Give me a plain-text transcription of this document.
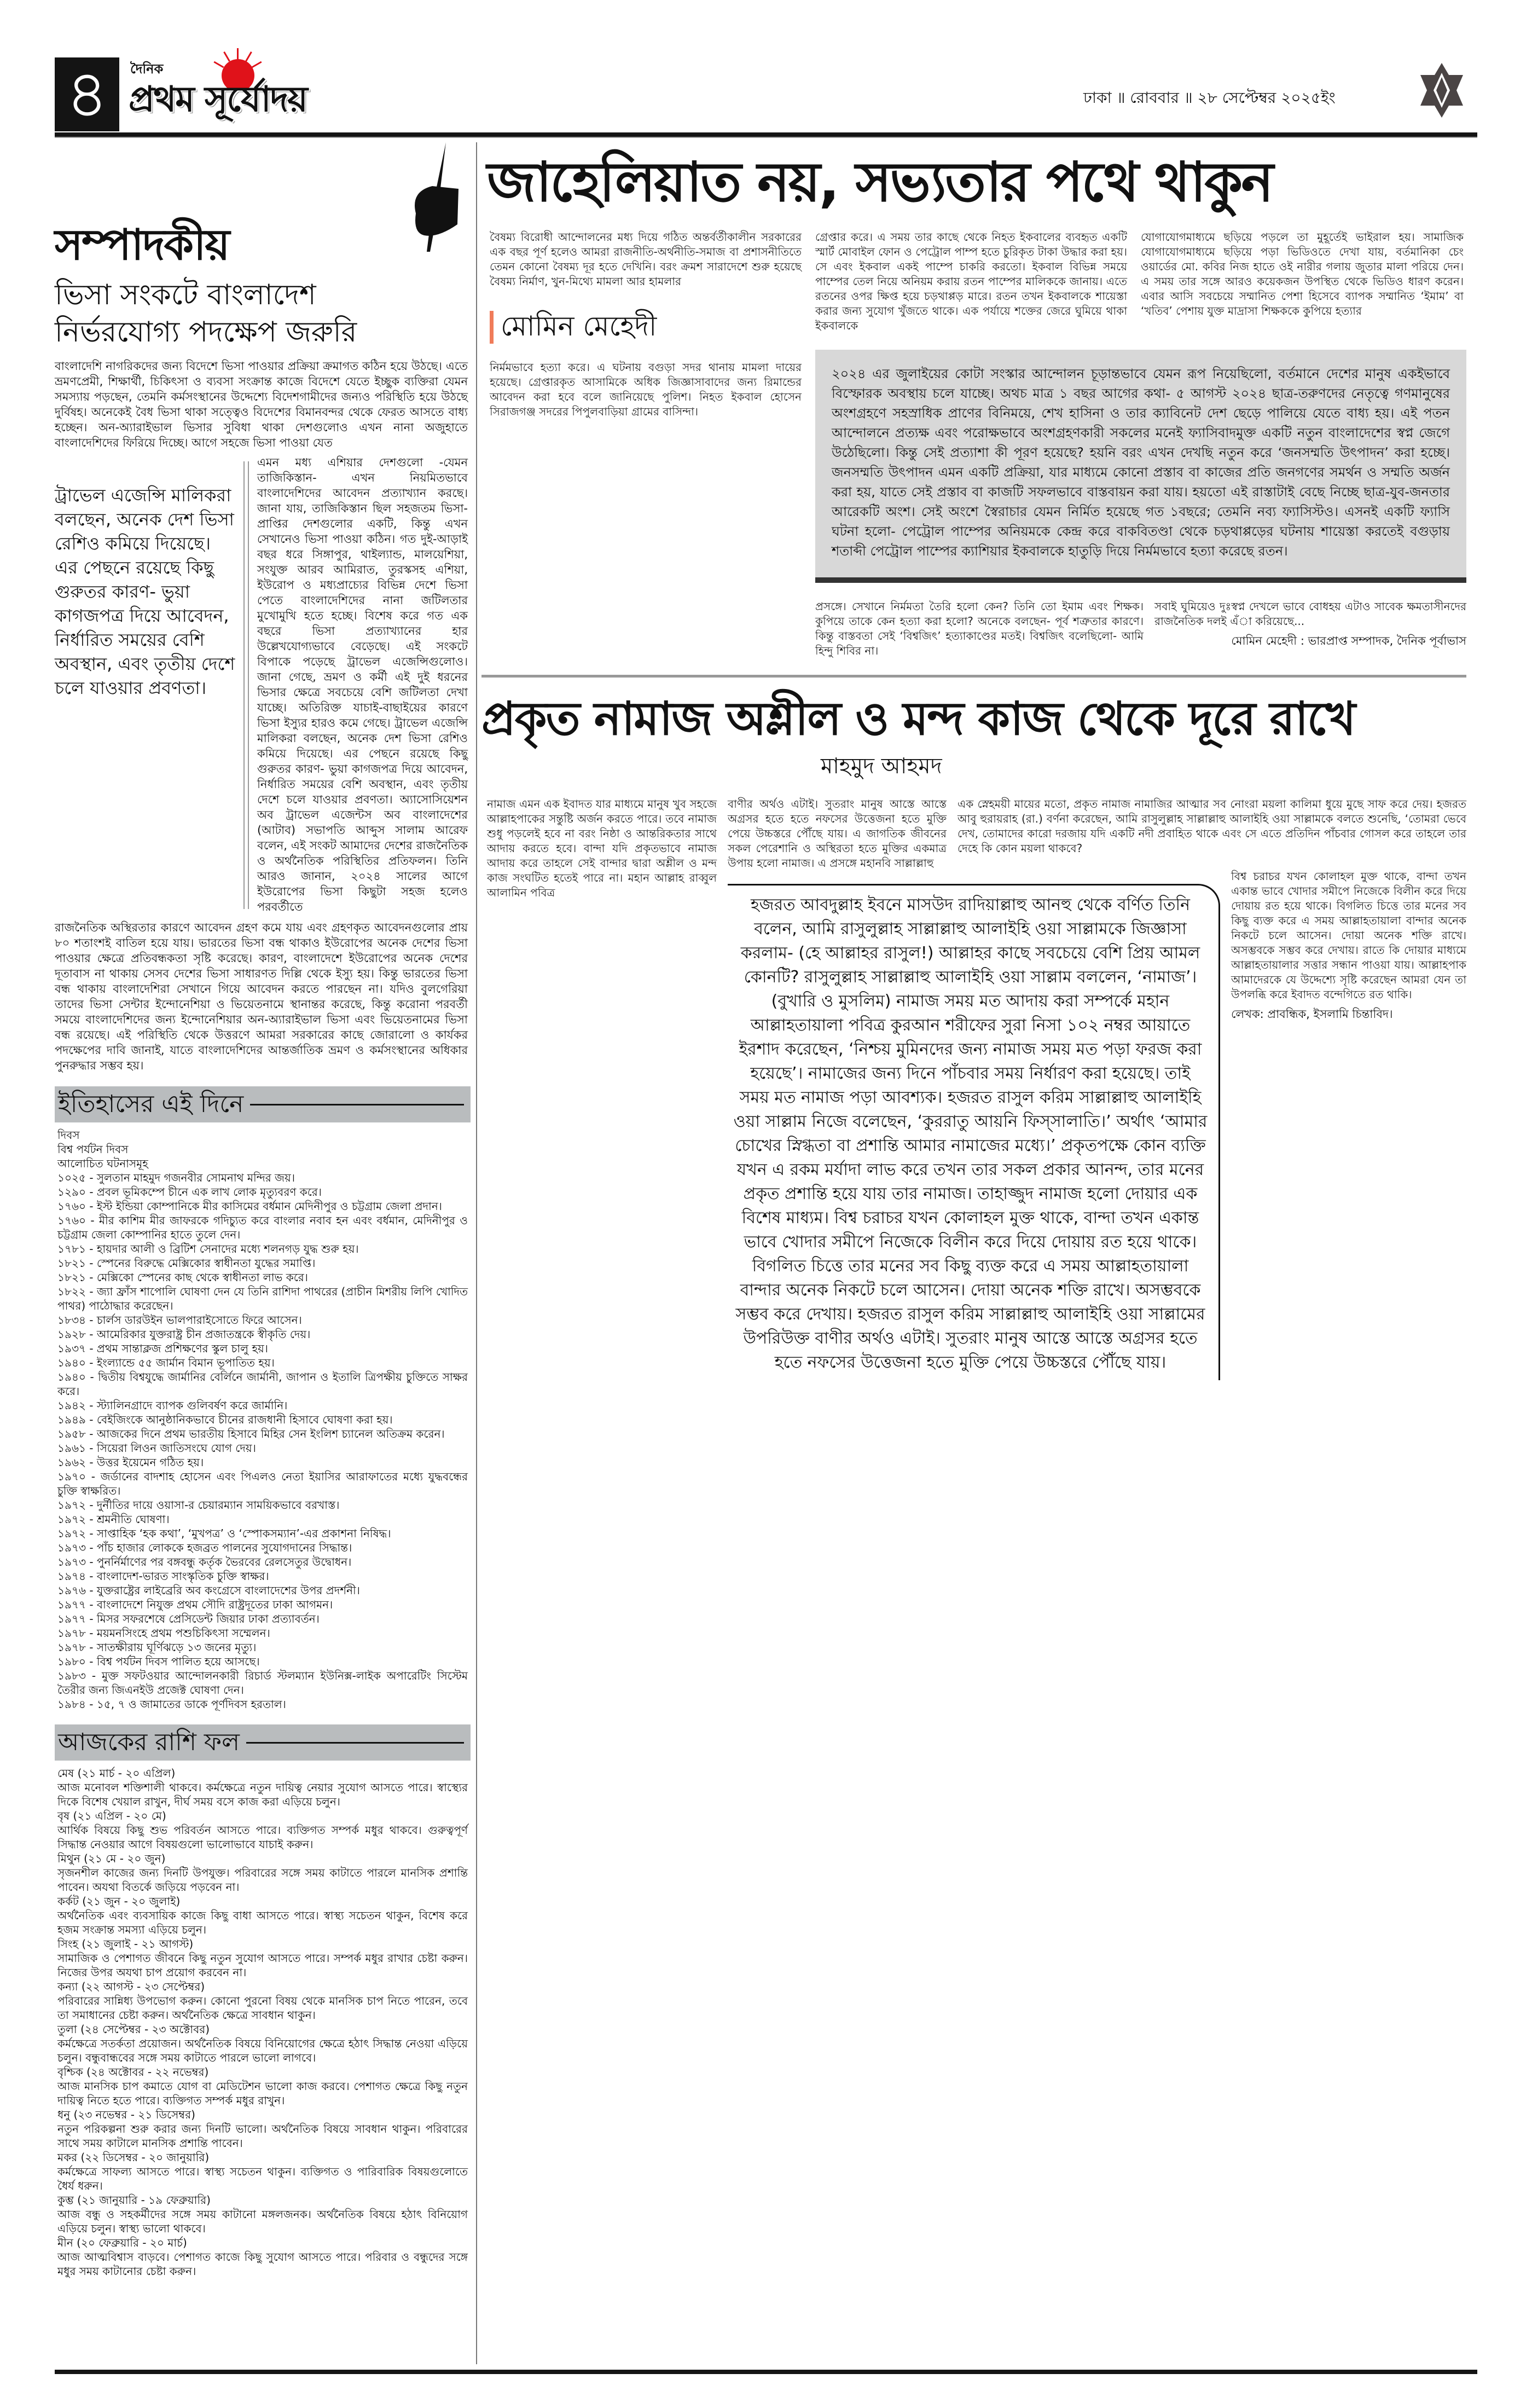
৪	দৈনিক
প্রথম সূর্যোদয়	ঢাকা ॥ রোববার ॥ ২৮ সেপ্টেম্বর ২০২৫ইং
সম্পাদকীয়
ভিসা সংকটে বাংলাদেশ
নির্ভরযোগ্য পদক্ষেপ জরুরি
বাংলাদেশি নাগরিকদের জন্য বিদেশে ভিসা পাওয়ার প্রক্রিয়া ক্রমাগত কঠিন হয়ে উঠছে। এতে ভ্রমণপ্রেমী, শিক্ষার্থী, চিকিৎসা ও ব্যবসা সংক্রান্ত কাজে বিদেশে যেতে ইচ্ছুক ব্যক্তিরা যেমন সমস্যায় পড়ছেন, তেমনি কর্মসংস্থানের উদ্দেশ্যে বিদেশগামীদের জন্যও পরিস্থিতি হয়ে উঠছে দুর্বিষহ। অনেকেই বৈধ ভিসা থাকা সত্ত্বেও বিদেশের বিমানবন্দর থেকে ফেরত আসতে বাধ্য হচ্ছেন। অন-অ্যারাইভাল ভিসার সুবিধা থাকা দেশগুলোও এখন নানা অজুহাতে বাংলাদেশিদের ফিরিয়ে দিচ্ছে। আগে সহজে ভিসা পাওয়া যেত
এমন মধ্য এশিয়ার দেশগুলো -যেমন তাজিকিস্তান- এখন নিয়মিতভাবে বাংলাদেশিদের আবেদন প্রত্যাখ্যান করছে। জানা যায়, তাজিকিস্তান ছিল সহজতম ভিসা-প্রাপ্তির দেশগুলোর একটি, কিন্তু এখন সেখানেও ভিসা পাওয়া কঠিন। গত দুই-আড়াই বছর ধরে সিঙ্গাপুর, থাইল্যান্ড, মালয়েশিয়া, সংযুক্ত আরব আমিরাত, তুরস্কসহ এশিয়া, ইউরোপ ও মধ্যপ্রাচ্যের বিভিন্ন দেশে ভিসা পেতে বাংলাদেশিদের নানা জটিলতার মুখোমুখি হতে হচ্ছে। বিশেষ করে গত এক বছরে ভিসা প্রত্যাখ্যানের হার উল্লেখযোগ্যভাবে বেড়েছে। এই সংকটে বিপাকে পড়েছে ট্রাভেল এজেন্সিগুলোও। জানা গেছে, ভ্রমণ ও কর্মী এই দুই ধরনের ভিসার ক্ষেত্রে সবচেয়ে বেশি জটিলতা দেখা যাচ্ছে। অতিরিক্ত যাচাই-বাছাইয়ের কারণে ভিসা ইস্যুর হারও কমে গেছে। ট্রাভেল এজেন্সি মালিকরা বলছেন, অনেক দেশ ভিসা রেশিও কমিয়ে দিয়েছে। এর পেছনে রয়েছে কিছু গুরুতর কারণ- ভুয়া কাগজপত্র দিয়ে আবেদন, নির্ধারিত সময়ের বেশি অবস্থান, এবং তৃতীয় দেশে চলে যাওয়ার প্রবণতা। অ্যাসোসিয়েশন অব ট্রাভেল এজেন্টস অব বাংলাদেশের (আটাব) সভাপতি আব্দুস সালাম আরেফ বলেন, এই সংকট আমাদের দেশের রাজনৈতিক ও অর্থনৈতিক পরিস্থিতির প্রতিফলন। তিনি আরও জানান, ২০২৪ সালের আগে ইউরোপের ভিসা কিছুটা সহজ হলেও পরবর্তীতে
ট্রাভেল এজেন্সি মালিকরা বলছেন, অনেক দেশ ভিসা রেশিও কমিয়ে দিয়েছে। এর পেছনে রয়েছে কিছু গুরুতর কারণ- ভুয়া কাগজপত্র দিয়ে আবেদন, নির্ধারিত সময়ের বেশি অবস্থান, এবং তৃতীয় দেশে চলে যাওয়ার প্রবণতা।
রাজনৈতিক অস্থিরতার কারণে আবেদন গ্রহণ কমে যায় এবং গ্রহণকৃত আবেদনগুলোর প্রায় ৮০ শতাংশই বাতিল হয়ে যায়। ভারতের ভিসা বন্ধ থাকাও ইউরোপের অনেক দেশের ভিসা পাওয়ার ক্ষেত্রে প্রতিবন্ধকতা সৃষ্টি করেছে। কারণ, বাংলাদেশে ইউরোপের অনেক দেশের দূতাবাস না থাকায় সেসব দেশের ভিসা সাধারণত দিল্লি থেকে ইস্যু হয়। কিন্তু ভারতের ভিসা বন্ধ থাকায় বাংলাদেশিরা সেখানে গিয়ে আবেদন করতে পারছেন না। যদিও বুলগেরিয়া তাদের ভিসা সেন্টার ইন্দোনেশিয়া ও ভিয়েতনামে স্থানান্তর করেছে, কিন্তু করোনা পরবর্তী সময়ে বাংলাদেশিদের জন্য ইন্দোনেশিয়ার অন-অ্যারাইভাল ভিসা এবং ভিয়েতনামের ভিসা বন্ধ রয়েছে। এই পরিস্থিতি থেকে উত্তরণে আমরা সরকারের কাছে জোরালো ও কার্যকর পদক্ষেপের দাবি জানাই, যাতে বাংলাদেশিদের আন্তর্জাতিক ভ্রমণ ও কর্মসংস্থানের অধিকার পুনরুদ্ধার সম্ভব হয়।
ইতিহাসের এই দিনে
দিবস
বিশ্ব পর্যটন দিবস
আলোচিত ঘটনাসমূহ
১০২৫ - সুলতান মাহমুদ গজনবীর সোমনাথ মন্দির জয়।
১২৯০ - প্রবল ভূমিকম্পে চীনে এক লাখ লোক মৃত্যুবরণ করে।
১৭৬০ - ইস্ট ইন্ডিয়া কোম্পানিকে মীর কাসিমের বর্ধমান মেদিনীপুর ও চট্টগ্রাম জেলা প্রদান।
১৭৬০ - মীর কাশিম মীর জাফরকে গদিচ্যুত করে বাংলার নবাব হন এবং বর্ধমান, মেদিনীপুর ও চট্টগ্রাম জেলা কোম্পানির হাতে তুলে দেন।
১৭৮১ - হায়দার আলী ও ব্রিটিশ সেনাদের মধ্যে শলনগড় যুদ্ধ শুরু হয়।
১৮২১ - স্পেনের বিরুদ্ধে মেক্সিকোর স্বাধীনতা যুদ্ধের সমাপ্তি।
১৮২১ - মেক্সিকো স্পেনের কাছ থেকে স্বাধীনতা লাভ করে।
১৮২২ - জ্যা ফ্রাঁস শাপোলি ঘোষণা দেন যে তিনি রাশিদা পাথরের (প্রাচীন মিশরীয় লিপি খোদিত পাথর) পাঠোদ্ধার করেছেন।
১৮৩৪ - চার্লস ডারউইন ভালপারাইসোতে ফিরে আসেন।
১৯২৮ - আমেরিকার যুক্তরাষ্ট্র চীন প্রজাতন্ত্রকে স্বীকৃতি দেয়।
১৯৩৭ - প্রথম সান্তাক্লজ প্রশিক্ষণের স্কুল চালু হয়।
১৯৪০ - ইংল্যান্ডে ৫৫ জার্মান বিমান ভূপাতিত হয়।
১৯৪০ - দ্বিতীয় বিশ্বযুদ্ধে জার্মানির বের্লিনে জার্মানী, জাপান ও ইতালি ত্রিপক্ষীয় চুক্তিতে সাক্ষর করে।
১৯৪২ - স্ট্যালিনগ্রাদে ব্যাপক গুলিবর্ষণ করে জার্মানি।
১৯৪৯ - বেইজিংকে আনুষ্ঠানিকভাবে চীনের রাজধানী হিসাবে ঘোষণা করা হয়।
১৯৫৮ - আজকের দিনে প্রথম ভারতীয় হিসাবে মিহির সেন ইংলিশ চ্যানেল অতিক্রম করেন।
১৯৬১ - সিয়েরা লিওন জাতিসংঘে যোগ দেয়।
১৯৬২ - উত্তর ইয়েমেন গঠিত হয়।
১৯৭০ - জর্ডানের বাদশাহ হোসেন এবং পিএলও নেতা ইয়াসির আরাফাতের মধ্যে যুদ্ধবন্ধের চুক্তি স্বাক্ষরিত।
১৯৭২ - দুর্নীতির দায়ে ওয়াসা-র চেয়ারম্যান সাময়িকভাবে বরখাস্ত।
১৯৭২ - শ্রমনীতি ঘোষণা।
১৯৭২ - সাপ্তাহিক ‘হক কথা’, ‘মুখপত্র’ ও ‘স্পোকসম্যান’-এর প্রকাশনা নিষিদ্ধ।
১৯৭৩ - পাঁচ হাজার লোককে হজব্রত পালনের সুযোগদানের সিদ্ধান্ত।
১৯৭৩ - পুনর্নির্মাণের পর বঙ্গবন্ধু কর্তৃক ভৈরবের রেলসেতুর উদ্বোধন।
১৯৭৪ - বাংলাদেশ-ভারত সাংস্কৃতিক চুক্তি স্বাক্ষর।
১৯৭৬ - যুক্তরাষ্ট্রের লাইব্রেরি অব কংগ্রেসে বাংলাদেশের উপর প্রদর্শনী।
১৯৭৭ - বাংলাদেশে নিযুক্ত প্রথম সৌদি রাষ্ট্রদূতের ঢাকা আগমন।
১৯৭৭ - মিসর সফরশেষে প্রেসিডেন্ট জিয়ার ঢাকা প্রত্যাবর্তন।
১৯৭৮ - ময়মনসিংহে প্রথম পশুচিকিৎসা সম্মেলন।
১৯৭৮ - সাতক্ষীরায় ঘূর্ণিঝড়ে ১৩ জনের মৃত্যু।
১৯৮০ - বিশ্ব পর্যটন দিবস পালিত হয়ে আসছে।
১৯৮৩ - মুক্ত সফটওয়ার আন্দোলনকারী রিচার্ড স্টলম্যান ইউনিক্স-লাইক অপারেটিং সিস্টেম তৈরীর জন্য জিএনইউ প্রজেক্ট ঘোষণা দেন।
১৯৮৪ - ১৫, ৭ ও জামাতের ডাকে পূর্ণদিবস হরতাল।
আজকের রাশি ফল
মেষ (২১ মার্চ - ২০ এপ্রিল)
আজ মনোবল শক্তিশালী থাকবে। কর্মক্ষেত্রে নতুন দায়িত্ব নেয়ার সুযোগ আসতে পারে। স্বাস্থ্যের দিকে বিশেষ খেয়াল রাখুন, দীর্ঘ সময় বসে কাজ করা এড়িয়ে চলুন।
বৃষ (২১ এপ্রিল - ২০ মে)
আর্থিক বিষয়ে কিছু শুভ পরিবর্তন আসতে পারে। ব্যক্তিগত সম্পর্ক মধুর থাকবে। গুরুত্বপূর্ণ সিদ্ধান্ত নেওয়ার আগে বিষয়গুলো ভালোভাবে যাচাই করুন।
মিথুন (২১ মে - ২০ জুন)
সৃজনশীল কাজের জন্য দিনটি উপযুক্ত। পরিবারের সঙ্গে সময় কাটাতে পারলে মানসিক প্রশান্তি পাবেন। অযথা বিতর্কে জড়িয়ে পড়বেন না।
কর্কট (২১ জুন - ২০ জুলাই)
অর্থনৈতিক এবং ব্যবসায়িক কাজে কিছু বাধা আসতে পারে। স্বাস্থ্য সচেতন থাকুন, বিশেষ করে হজম সংক্রান্ত সমস্যা এড়িয়ে চলুন।
সিংহ (২১ জুলাই - ২১ আগস্ট)
সামাজিক ও পেশাগত জীবনে কিছু নতুন সুযোগ আসতে পারে। সম্পর্ক মধুর রাখার চেষ্টা করুন। নিজের উপর অযথা চাপ প্রয়োগ করবেন না।
কন্যা (২২ আগস্ট - ২৩ সেপ্টেম্বর)
পরিবারের সান্নিধ্য উপভোগ করুন। কোনো পুরনো বিষয় থেকে মানসিক চাপ নিতে পারেন, তবে তা সমাধানের চেষ্টা করুন। অর্থনৈতিক ক্ষেত্রে সাবধান থাকুন।
তুলা (২৪ সেপ্টেম্বর - ২৩ অক্টোবর)
কর্মক্ষেত্রে সতর্কতা প্রয়োজন। অর্থনৈতিক বিষয়ে বিনিয়োগের ক্ষেত্রে হঠাৎ সিদ্ধান্ত নেওয়া এড়িয়ে চলুন। বন্ধুবান্ধবের সঙ্গে সময় কাটাতে পারলে ভালো লাগবে।
বৃশ্চিক (২৪ অক্টোবর - ২২ নভেম্বর)
আজ মানসিক চাপ কমাতে যোগ বা মেডিটেশন ভালো কাজ করবে। পেশাগত ক্ষেত্রে কিছু নতুন দায়িত্ব নিতে হতে পারে। ব্যক্তিগত সম্পর্ক মধুর রাখুন।
ধনু (২৩ নভেম্বর - ২১ ডিসেম্বর)
নতুন পরিকল্পনা শুরু করার জন্য দিনটি ভালো। অর্থনৈতিক বিষয়ে সাবধান থাকুন। পরিবারের সাথে সময় কাটালে মানসিক প্রশান্তি পাবেন।
মকর (২২ ডিসেম্বর - ২০ জানুয়ারি)
কর্মক্ষেত্রে সাফল্য আসতে পারে। স্বাস্থ্য সচেতন থাকুন। ব্যক্তিগত ও পারিবারিক বিষয়গুলোতে ধৈর্য ধরুন।
কুম্ভ (২১ জানুয়ারি - ১৯ ফেব্রুয়ারি)
আজ বন্ধু ও সহকর্মীদের সঙ্গে সময় কাটানো মঙ্গলজনক। অর্থনৈতিক বিষয়ে হঠাৎ বিনিয়োগ এড়িয়ে চলুন। স্বাস্থ্য ভালো থাকবে।
মীন (২০ ফেব্রুয়ারি - ২০ মার্চ)
আজ আত্মবিশ্বাস বাড়বে। পেশাগত কাজে কিছু সুযোগ আসতে পারে। পরিবার ও বন্ধুদের সঙ্গে মধুর সময় কাটানোর চেষ্টা করুন।
জাহেলিয়াত নয়, সভ্যতার পথে থাকুন
বৈষম্য বিরোধী আন্দোলনের মধ্য দিয়ে গঠিত অন্তর্বর্তীকালীন সরকারের এক বছর পূর্ণ হলেও আমরা রাজনীতি-অর্থনীতি-সমাজ বা প্রশাসনীতিতে তেমন কোনো বৈষম্য দূর হতে দেখিনি। বরং ক্রমশ সারাদেশে শুরু হয়েছে বৈষম্য নির্মাণ, খুন-মিথ্যে মামলা আর হামলার
মোমিন মেহেদী
নির্মমভাবে হত্যা করে। এ ঘটনায় বগুড়া সদর থানায় মামলা দায়ের হয়েছে। গ্রেপ্তারকৃত আসামিকে অধিক জিজ্ঞাসাবাদের জন্য রিমান্ডের আবেদন করা হবে বলে জানিয়েছে পুলিশ। নিহত ইকবাল হোসেন সিরাজগঞ্জ সদরের পিপুলবাড়িয়া গ্রামের বাসিন্দা।
গ্রেপ্তার করে। এ সময় তার কাছে থেকে নিহত ইকবালের ব্যবহৃত একটি স্মার্ট মোবাইল ফোন ও পেট্রোল পাম্প হতে চুরিকৃত টাকা উদ্ধার করা হয়। সে এবং ইকবাল একই পাম্পে চাকরি করতো। ইকবাল বিভিন্ন সময়ে পাম্পের তেল নিয়ে অনিয়ম করায় রতন পাম্পের মালিককে জানায়। এতে রতনের ওপর ক্ষিপ্ত হয়ে চড়থাপ্পড় মারে। রতন তখন ইকবালকে শায়েস্তা করার জন্য সুযোগ খুঁজতে থাকে। এক পর্যায়ে শক্তের জেরে ঘুমিয়ে থাকা ইকবালকে
যোগাযোগমাধ্যমে ছড়িয়ে পড়লে তা মুহূর্তেই ভাইরাল হয়। সামাজিক যোগাযোগমাধ্যমে ছড়িয়ে পড়া ভিডিওতে দেখা যায়, বর্তমানিকা চেং ওয়ার্ডের মো. কবির নিজ হাতে ওই নারীর গলায় জুতার মালা পরিয়ে দেন। এ সময় তার সঙ্গে আরও কয়েকজন উপস্থিত থেকে ভিডিও ধারণ করেন। এবার আসি সবচেয়ে সম্মানিত পেশা হিসেবে ব্যাপক সম্মানিত ‘ইমাম’ বা ‘খতিব’ পেশায় যুক্ত মাদ্রাসা শিক্ষককে কুপিয়ে হত্যার
২০২৪ এর জুলাইয়ের কোটা সংস্কার আন্দোলন চূড়ান্তভাবে যেমন রূপ নিয়েছিলো, বর্তমানে দেশের মানুষ একইভাবে বিস্ফোরক অবস্থায় চলে যাচ্ছে। অথচ মাত্র ১ বছর আগের কথা- ৫ আগস্ট ২০২৪ ছাত্র-তরুণদের নেতৃত্বে গণমানুষের অংশগ্রহণে সহস্রাধিক প্রাণের বিনিময়ে, শেখ হাসিনা ও তার ক্যাবিনেট দেশ ছেড়ে পালিয়ে যেতে বাধ্য হয়। এই পতন আন্দোলনে প্রত্যক্ষ এবং পরোক্ষভাবে অংশগ্রহণকারী সকলের মনেই ফ্যাসিবাদমুক্ত একটি নতুন বাংলাদেশের স্বপ্ন জেগে উঠেছিলো। কিন্তু সেই প্রত্যাশা কী পূরণ হয়েছে? হয়নি বরং এখন দেখছি নতুন করে ‘জনসম্মতি উৎপাদন’ করা হচ্ছে। জনসম্মতি উৎপাদন এমন একটি প্রক্রিয়া, যার মাধ্যমে কোনো প্রস্তাব বা কাজের প্রতি জনগণের সমর্থন ও সম্মতি অর্জন করা হয়, যাতে সেই প্রস্তাব বা কাজটি সফলভাবে বাস্তবায়ন করা যায়। হয়তো এই রাস্তাটাই বেছে নিচ্ছে ছাত্র-যুব-জনতার আরেকটি অংশ। সেই অংশে স্বৈরাচার যেমন নির্মিত হয়েছে গত ১বছরে; তেমনি নব্য ফ্যাসিস্টও। এসনই একটি ফ্যাসি ঘটনা হলো- পেট্রোল পাম্পের অনিয়মকে কেন্দ্র করে বাকবিতণ্ডা থেকে চড়থাপ্পড়ের ঘটনায় শায়েস্তা করতেই বগুড়ায় শতাব্দী পেট্রোল পাম্পের ক্যাশিয়ার ইকবালকে হাতুড়ি দিয়ে নির্মমভাবে হত্যা করেছে রতন।
প্রসঙ্গে। সেখানে নির্মমতা তৈরি হলো কেন? তিনি তো ইমাম এবং শিক্ষক। কুপিয়ে তাকে কেন হত্যা করা হলো? অনেকে বলছেন- পূর্ব শত্রুতার কারণে। কিন্তু বাস্তবতা সেই ‘বিশ্বজিৎ’ হত্যাকাণ্ডের মতই। বিশ্বজিৎ বলেছিলো- আমি হিন্দু শিবির না।
সবাই ঘুমিয়েও দুঃস্বপ্ন দেখলে ভাবে বোধহয় এটাও সাবেক ক্ষমতাসীনদের রাজনৈতিক দলই এঁা করিয়েছে...
মোমিন মেহেদী : ভারপ্রাপ্ত সম্পাদক, দৈনিক পূর্বাভাস
প্রকৃত নামাজ অশ্লীল ও মন্দ কাজ থেকে দূরে রাখে
মাহমুদ আহমদ
নামাজ এমন এক ইবাদত যার মাধ্যমে মানুষ খুব সহজে আল্লাহপাকের সন্তুষ্টি অর্জন করতে পারে। তবে নামাজ শুধু পড়লেই হবে না বরং নিষ্ঠা ও আন্তরিকতার সাথে আদায় করতে হবে। বান্দা যদি প্রকৃতভাবে নামাজ আদায় করে তাহলে সেই বান্দার দ্বারা অশ্লীল ও মন্দ কাজ সংঘটিত হতেই পারে না। মহান আল্লাহ রাব্বুল আলামিন পবিত্র
বাণীর অর্থও এটাই। সুতরাং মানুষ আস্তে আস্তে অগ্রসর হতে হতে নফসের উত্তেজনা হতে মুক্তি পেয়ে উচ্চস্তরে পৌঁছে যায়। এ জাগতিক জীবনের সকল পেরেশানি ও অস্থিরতা হতে মুক্তির একমাত্র উপায় হলো নামাজ। এ প্রসঙ্গে মহানবি সাল্লাল্লাহু
এক স্নেহময়ী মায়ের মতো, প্রকৃত নামাজ নামাজির আত্মার সব নোংরা ময়লা কালিমা ধুয়ে মুছে সাফ করে দেয়। হজরত আবু হুরায়রাহ (রা.) বর্ণনা করেছেন, আমি রাসুলুল্লাহ সাল্লাল্লাহু আলাইহি ওয়া সাল্লামকে বলতে শুনেছি, ‘তোমরা ভেবে দেখ, তোমাদের কারো দরজায় যদি একটি নদী প্রবাহিত থাকে এবং সে এতে প্রতিদিন পাঁচবার গোসল করে তাহলে তার দেহে কি কোন ময়লা থাকবে?
হজরত আবদুল্লাহ ইবনে মাসউদ রাদিয়াল্লাহু আনহু থেকে বর্ণিত তিনি বলেন, আমি রাসুলুল্লাহ সাল্লাল্লাহু আলাইহি ওয়া সাল্লামকে জিজ্ঞাসা করলাম- (হে আল্লাহর রাসুল!) আল্লাহর কাছে সবচেয়ে বেশি প্রিয় আমল কোনটি? রাসুলুল্লাহ সাল্লাল্লাহু আলাইহি ওয়া সাল্লাম বললেন, ‘নামাজ’। (বুখারি ও মুসলিম) নামাজ সময় মত আদায় করা সম্পর্কে মহান আল্লাহতায়ালা পবিত্র কুরআন শরীফের সুরা নিসা ১০২ নম্বর আয়াতে ইরশাদ করেছেন, ‘নিশ্চয় মুমিনদের জন্য নামাজ সময় মত পড়া ফরজ করা হয়েছে’। নামাজের জন্য দিনে পাঁচবার সময় নির্ধারণ করা হয়েছে। তাই সময় মত নামাজ পড়া আবশ্যক। হজরত রাসুল করিম সাল্লাল্লাহু আলাইহি ওয়া সাল্লাম নিজে বলেছেন, ‘কুররাতু আয়নি ফিস্‌সালাতি।’ অর্থাৎ ‘আমার চোখের স্নিগ্ধতা বা প্রশান্তি আমার নামাজের মধ্যে।’ প্রকৃতপক্ষে কোন ব্যক্তি যখন এ রকম মর্যাদা লাভ করে তখন তার সকল প্রকার আনন্দ, তার মনের প্রকৃত প্রশান্তি হয়ে যায় তার নামাজ। তাহাজ্জুদ নামাজ হলো দোয়ার এক বিশেষ মাধ্যম। বিশ্ব চরাচর যখন কোলাহল মুক্ত থাকে, বান্দা তখন একান্ত ভাবে খোদার সমীপে নিজেকে বিলীন করে দিয়ে দোয়ায় রত হয়ে থাকে। বিগলিত চিত্তে তার মনের সব কিছু ব্যক্ত করে এ সময় আল্লাহতায়ালা বান্দার অনেক নিকটে চলে আসেন। দোয়া অনেক শক্তি রাখে। অসম্ভবকে সম্ভব করে দেখায়। হজরত রাসুল করিম সাল্লাল্লাহু আলাইহি ওয়া সাল্লামের উপরিউক্ত বাণীর অর্থও এটাই। সুতরাং মানুষ আস্তে আস্তে অগ্রসর হতে হতে নফসের উত্তেজনা হতে মুক্তি পেয়ে উচ্চস্তরে পৌঁছে যায়।
বিশ্ব চরাচর যখন কোলাহল মুক্ত থাকে, বান্দা তখন একান্ত ভাবে খোদার সমীপে নিজেকে বিলীন করে দিয়ে দোয়ায় রত হয়ে থাকে। বিগলিত চিত্তে তার মনের সব কিছু ব্যক্ত করে এ সময় আল্লাহতায়ালা বান্দার অনেক নিকটে চলে আসেন। দোয়া অনেক শক্তি রাখে। অসম্ভবকে সম্ভব করে দেখায়। রাতে কি দোয়ার মাধ্যমে আল্লাহতায়ালার সত্তার সন্ধান পাওয়া যায়। আল্লাহপাক আমাদেরকে যে উদ্দেশ্যে সৃষ্টি করেছেন আমরা যেন তা উপলব্ধি করে ইবাদত বন্দেগিতে রত থাকি।
লেখক: প্রাবন্ধিক, ইসলামি চিন্তাবিদ।
